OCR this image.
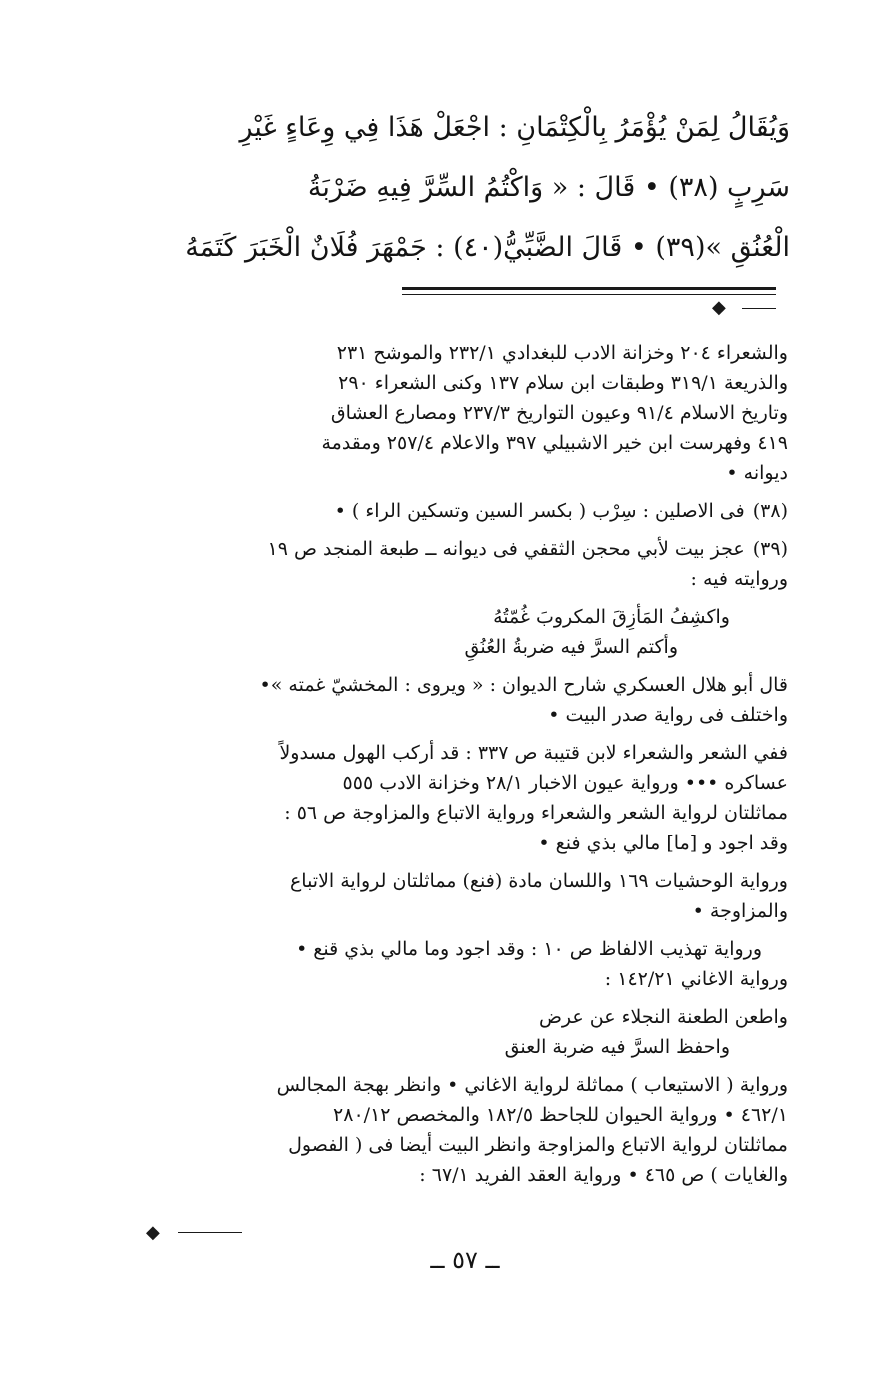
وَيُقَالُ لِمَنْ يُؤْمَرُ بِالْكِتْمَانِ : اجْعَلْ هَذَا فِي وِعَاءٍ غَيْرِ
سَرِبٍ (٣٨) • قَالَ : « وَاكْتُمُ السِّرَّ فِيهِ ضَرْبَةُ
الْعُنُقِ »(٣٩) • قَالَ الضَّبِّيُّ(٤٠) : جَمْهَرَ فُلَانٌ الْخَبَرَ كَتَمَهُ
◆
والشعراء ٢٠٤ وخزانة الادب للبغدادي ٢٣٢/١ والموشح ٢٣١
والذريعة ٣١٩/١ وطبقات ابن سلام ١٣٧ وكنى الشعراء ٢٩٠
وتاريخ الاسلام ٩١/٤ وعيون التواريخ ٢٣٧/٣ ومصارع العشاق
٤١٩ وفهرست ابن خير الاشبيلي ٣٩٧ والاعلام ٢٥٧/٤ ومقدمة
ديوانه •
(٣٨)فى الاصلين : سِرْب ( بكسر السين وتسكين الراء ) •
(٣٩)عجز بيت لأبي محجن الثقفي فى ديوانه ــ طبعة المنجد ص ١٩
وروايته فيه :
واكشِفُ المَأزِقَ المكروبَ غُمّتُهُ
وأكتم السرَّ فيه ضربةُ العُنُقِ
قال أبو هلال العسكري شارح الديوان : « ويروى : المخشيّ غمته »•
واختلف فى رواية صدر البيت •
ففي الشعر والشعراء لابن قتيبة ص ٣٣٧ : قد أركب الهول مسدولاً
عساكره ••• ورواية عيون الاخبار ٢٨/١ وخزانة الادب ٥٥٥
مماثلتان لرواية الشعر والشعراء ورواية الاتباع والمزاوجة ص ٥٦ :
وقد اجود و [ما] مالي بذي فنع •
ورواية الوحشيات ١٦٩ واللسان مادة (فنع) مماثلتان لرواية الاتباع
والمزاوجة •
ورواية تهذيب الالفاظ ص ١٠ : وقد اجود وما مالي بذي قنع •
ورواية الاغاني ١٤٢/٢١ :
واطعن الطعنة النجلاء عن عرض
واحفظ السرَّ فيه ضربة العنق
ورواية ( الاستيعاب ) مماثلة لرواية الاغاني • وانظر بهجة المجالس
٤٦٢/١ • ورواية الحيوان للجاحظ ١٨٢/٥ والمخصص ٢٨٠/١٢
مماثلتان لرواية الاتباع والمزاوجة وانظر البيت أيضا فى ( الفصول
والغايات ) ص ٤٦٥ • ورواية العقد الفريد ٦٧/١ :
◆
ــ ٥٧ ــ
